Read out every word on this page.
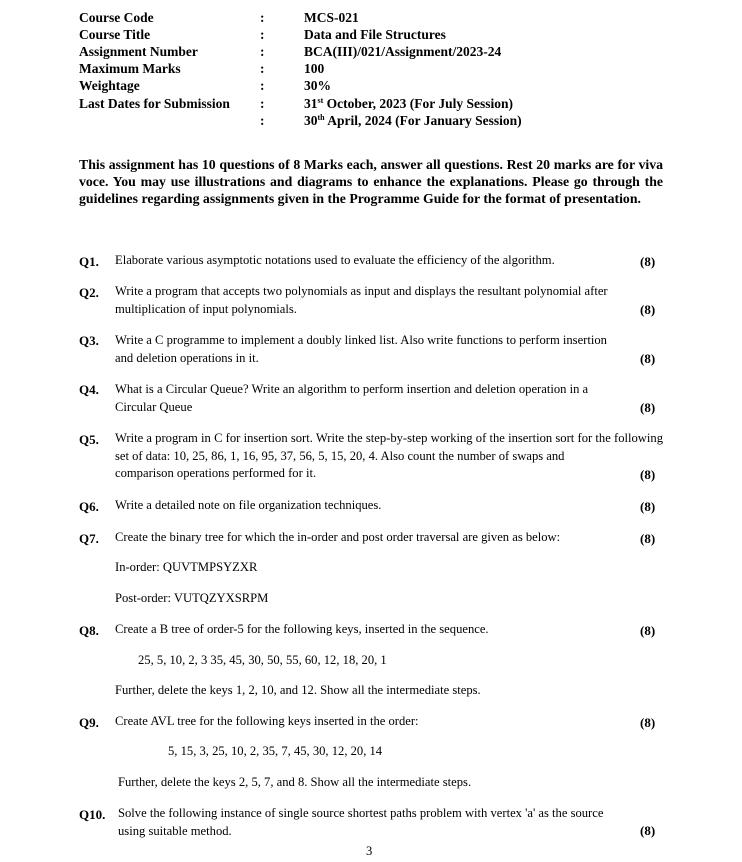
Course Code	:	MCS-021
Course Title	:	Data and File Structures
Assignment Number	:	BCA(III)/021/Assignment/2023-24
Maximum Marks	:	100
Weightage	:	30%
Last Dates for Submission :	31st October, 2023 (For July Session)
:	30th April, 2024 (For January Session)
This assignment has 10 questions of 8 Marks each, answer all questions. Rest 20 marks are for viva voce. You may use illustrations and diagrams to enhance the explanations. Please go through the guidelines regarding assignments given in the Programme Guide for the format of presentation.
Q1. Elaborate various asymptotic notations used to evaluate the efficiency of the algorithm.	(8)
Q2. Write a program that accepts two polynomials as input and displays the resultant polynomial after
multiplication of input polynomials.	(8)
Q3. Write a C programme to implement a doubly linked list. Also write functions to perform insertion
and deletion operations in it.	(8)
Q4. What is a Circular Queue? Write an algorithm to perform insertion and deletion operation in a
Circular Queue	(8)
Q5. Write a program in C for insertion sort. Write the step-by-step working of the insertion sort for the following set of data: 10, 25, 86, 1, 16, 95, 37, 56, 5, 15, 20, 4. Also count the number of swaps and
comparison operations performed for it.	(8)
Q6. Write a detailed note on file organization techniques.	(8)
Q7. Create the binary tree for which the in-order and post order traversal are given as below:	(8)
In-order: QUVTMPSYZXR
Post-order: VUTQZYXSRPM
Q8. Create a B tree of order-5 for the following keys, inserted in the sequence.	(8)
25, 5, 10, 2, 3 35, 45, 30, 50, 55, 60, 12, 18, 20, 1
Further, delete the keys 1, 2, 10, and 12. Show all the intermediate steps.
Q9. Create AVL tree for the following keys inserted in the order:	(8)
5, 15, 3, 25, 10, 2, 35, 7, 45, 30, 12, 20, 14
Further, delete the keys 2, 5, 7, and 8. Show all the intermediate steps.
Q10. Solve the following instance of single source shortest paths problem with vertex 'a' as the source
using suitable method.	(8)
3
